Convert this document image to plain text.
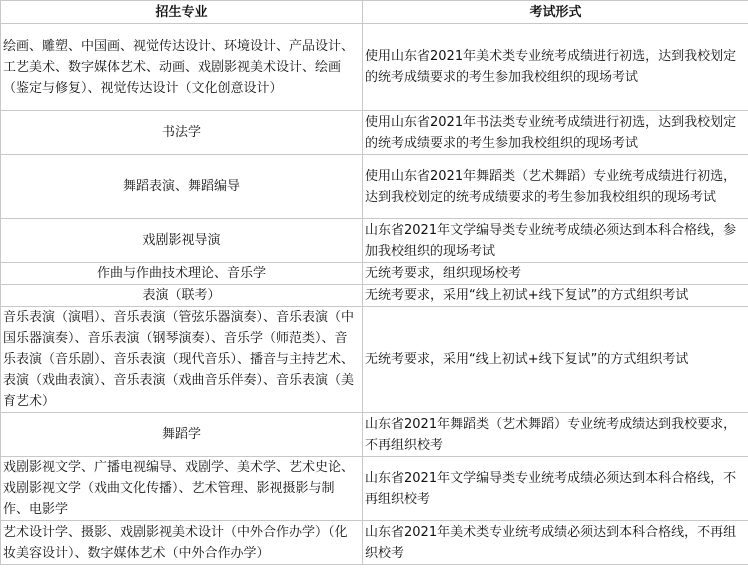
招生专业	考试形式
绘画、雕塑、中国画、视觉传达设计、环境设计、产品设计、工艺美术、数字媒体艺术、动画、戏剧影视美术设计、绘画（鉴定与修复）、视觉传达设计（文化创意设计）	使用山东省2021年美术类专业统考成绩进行初选，达到我校划定的统考成绩要求的考生参加我校组织的现场考试
书法学	使用山东省2021年书法类专业统考成绩进行初选，达到我校划定的统考成绩要求的考生参加我校组织的现场考试
舞蹈表演、舞蹈编导	使用山东省2021年舞蹈类（艺术舞蹈）专业统考成绩进行初选，达到我校划定的统考成绩要求的考生参加我校组织的现场考试
戏剧影视导演	山东省2021年文学编导类专业统考成绩必须达到本科合格线，参加我校组织的现场考试
作曲与作曲技术理论、音乐学	无统考要求，组织现场校考
表演（联考）	无统考要求，采用“线上初试+线下复试”的方式组织考试
音乐表演（演唱）、音乐表演（管弦乐器演奏）、音乐表演（中国乐器演奏）、音乐表演（钢琴演奏）、音乐学（师范类）、音乐表演（音乐剧）、音乐表演（现代音乐）、播音与主持艺术、表演（戏曲表演）、音乐表演（戏曲音乐伴奏）、音乐表演（美育艺术）	无统考要求，采用“线上初试+线下复试”的方式组织考试
舞蹈学	山东省2021年舞蹈类（艺术舞蹈）专业统考成绩达到我校要求，不再组织校考
戏剧影视文学、广播电视编导、戏剧学、美术学、艺术史论、戏剧影视文学（戏曲文化传播）、艺术管理、影视摄影与制作、电影学	山东省2021年文学编导类专业统考成绩必须达到本科合格线，不再组织校考
艺术设计学、摄影、戏剧影视美术设计（中外合作办学）（化妆美容设计）、数字媒体艺术（中外合作办学）	山东省2021年美术类专业统考成绩必须达到本科合格线，不再组织校考
